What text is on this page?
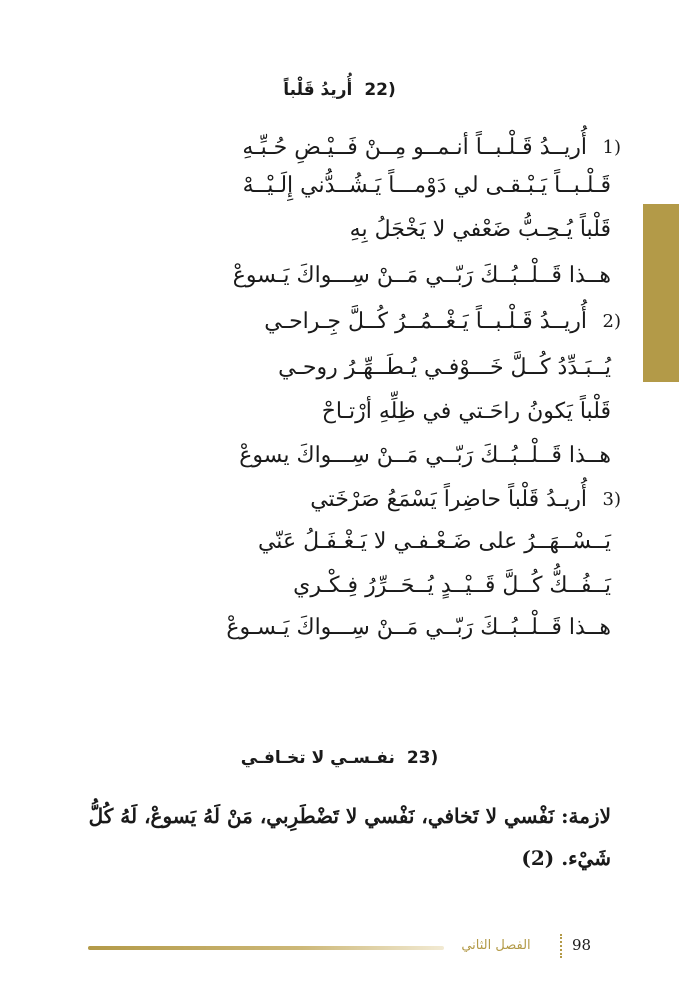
22) أُريدُ قَلْباً
1)
أُريــدُ قَـلْـبــاً أنـمــو مِــنْ فَــيْـضِ حُـبِّـهِ
قَـلْـبــاً يَـبْـقـى لي دَوْمـــاً يَـشُــدُّني إِلَـيْــهْ
قَلْباً يُـحِـبُّ ضَعْفي لا يَخْجَلُ بِهِ
هــذا قَــلْــبُــكَ رَبّــي مَــنْ سِـــواكَ يَـسوعْ
2)
أُريــدُ قَـلْـبــاً يَـغْــمُــرُ كُــلَّ جِـراحـي
يُــبَـدِّدُ كُــلَّ خَـــوْفـي يُـطَــهِّـرُ روحـي
قَلْباً يَكونُ راحَـتي في ظِلِّهِ أرْتـاحْ
هــذا قَــلْــبُــكَ رَبّــي مَــنْ سِـــواكَ يسوعْ
3)
أُريـدُ قَلْباً حاضِراً يَسْمَعُ صَرْخَتي
يَــسْــهَــرُ على ضَـعْـفـي لا يَـغْـفَـلُ عَنّي
يَــفُــكُّ كُــلَّ قَــيْــدٍ يُــحَــرِّرُ فِـكْـري
هــذا قَــلْــبُــكَ رَبّــي مَــنْ سِـــواكَ يَـسـوعْ
23) نفـسـي لا تخـافـي
لازمة: نَفْسي لا تَخافي، نَفْسي لا تَضْطَرِبي، مَنْ لَهُ يَسوعْ، لَهُ كُلُّ
شَيْء. (2)
الفصل الثاني	98
